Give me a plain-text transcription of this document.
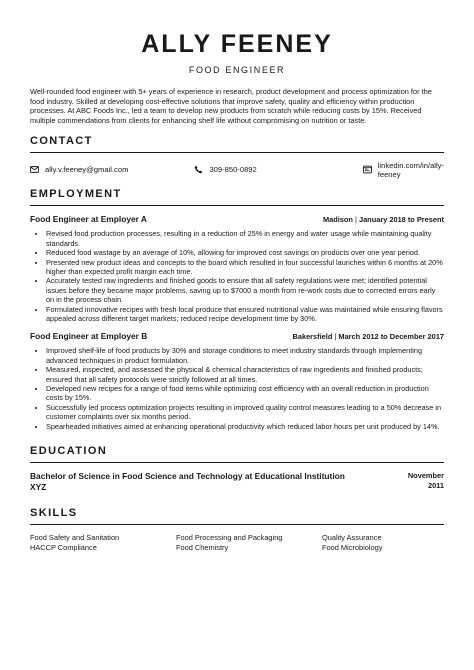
ALLY FEENEY
FOOD ENGINEER
Well-rounded food engineer with 5+ years of experience in research, product development and process optimization for the food industry. Skilled at developing cost-effective solutions that improve safety, quality and efficiency within production processes. At ABC Foods Inc., led a team to develop new products from scratch while reducing costs by 15%. Received multiple commendations from clients for enhancing shelf life without compromising on nutrition or taste.
CONTACT
ally.v.feeney@gmail.com	309-850-0892	linkedin.com/in/ally-feeney
EMPLOYMENT
Food Engineer at Employer A	Madison | January 2018 to Present
• Revised food production processes, resulting in a reduction of 25% in energy and water usage while maintaining quality standards.
• Reduced food wastage by an average of 10%, allowing for improved cost savings on products over one year period.
• Presented new product ideas and concepts to the board which resulted in four successful launches within 6 months at 20% higher than expected profit margin each time.
• Accurately tested raw ingredients and finished goods to ensure that all safety regulations were met; identified potential issues before they became major problems, saving up to $7000 a month from re-work costs due to corrected errors early on in the process chain.
• Formulated innovative recipes with fresh local produce that ensured nutritional value was maintained while ensuring flavors appealed across different target markets; reduced recipe development time by 30%.
Food Engineer at Employer B	Bakersfield | March 2012 to December 2017
• Improved shelf-life of food products by 30% and storage conditions to meet industry standards through implementing advanced techniques in product formulation.
• Measured, inspected, and assessed the physical & chemical characteristics of raw ingredients and finished products; ensured that all safety protocols were strictly followed at all times.
• Developed new recipes for a range of food items while optimizing cost efficiency with an overall reduction in production costs by 15%.
• Successfully led process optimization projects resulting in improved quality control measures leading to a 50% decrease in customer complaints over six months period.
• Spearheaded initiatives aimed at enhancing operational productivity which reduced labor hours per unit produced by 14%.
EDUCATION
Bachelor of Science in Food Science and Technology at Educational Institution XYZ
November
2011
SKILLS
Food Safety and Sanitation	Food Processing and Packaging	Quality Assurance
HACCP Compliance	Food Chemistry	Food Microbiology
